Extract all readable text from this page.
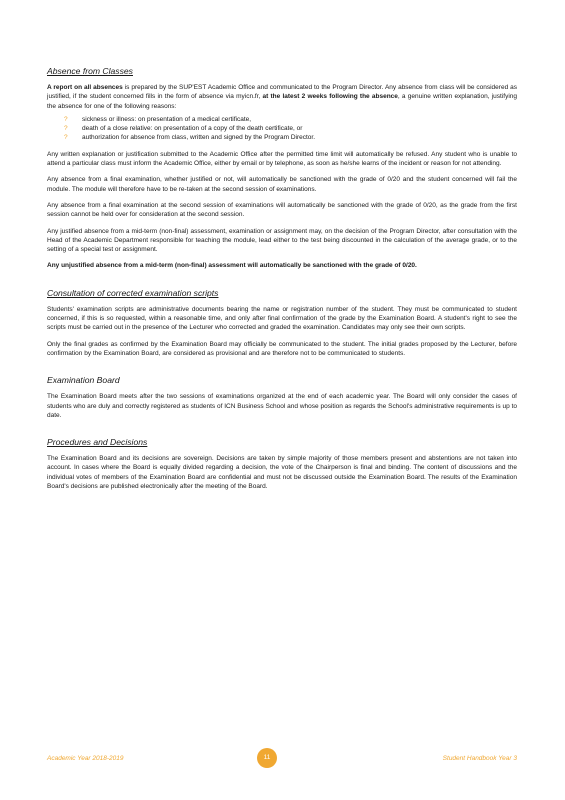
Absence from Classes

A report on all absences is prepared by the SUP'EST Academic Office and communicated to the Program Director. Any absence from class will be considered as justified, if the student concerned fills in the form of absence via myicn.fr, at the latest 2 weeks following the absence, a genuine written explanation, justifying the absence for one of the following reasons:

? sickness or illness: on presentation of a medical certificate,
? death of a close relative: on presentation of a copy of the death certificate, or
? authorization for absence from class, written and signed by the Program Director.

Any written explanation or justification submitted to the Academic Office after the permitted time limit will automatically be refused. Any student who is unable to attend a particular class must inform the Academic Office, either by email or by telephone, as soon as he/she learns of the incident or reason for not attending.

Any absence from a final examination, whether justified or not, will automatically be sanctioned with the grade of 0/20 and the student concerned will fail the module. The module will therefore have to be re-taken at the second session of examinations.

Any absence from a final examination at the second session of examinations will automatically be sanctioned with the grade of 0/20, as the grade from the first session cannot be held over for consideration at the second session.

Any justified absence from a mid-term (non-final) assessment, examination or assignment may, on the decision of the Program Director, after consultation with the Head of the Academic Department responsible for teaching the module, lead either to the test being discounted in the calculation of the average grade, or to the setting of a special test or assignment.

Any unjustified absence from a mid-term (non-final) assessment will automatically be sanctioned with the grade of 0/20.

Consultation of corrected examination scripts

Students' examination scripts are administrative documents bearing the name or registration number of the student. They must be communicated to student concerned, if this is so requested, within a reasonable time, and only after final confirmation of the grade by the Examination Board. A student's right to see the scripts must be carried out in the presence of the Lecturer who corrected and graded the examination. Candidates may only see their own scripts.

Only the final grades as confirmed by the Examination Board may officially be communicated to the student. The initial grades proposed by the Lecturer, before confirmation by the Examination Board, are considered as provisional and are therefore not to be communicated to students.

Examination Board

The Examination Board meets after the two sessions of examinations organized at the end of each academic year. The Board will only consider the cases of students who are duly and correctly registered as students of ICN Business School and whose position as regards the School's administrative requirements is up to date.

Procedures and Decisions

The Examination Board and its decisions are sovereign. Decisions are taken by simple majority of those members present and abstentions are not taken into account. In cases where the Board is equally divided regarding a decision, the vote of the Chairperson is final and binding. The content of discussions and the individual votes of members of the Examination Board are confidential and must not be discussed outside the Examination Board. The results of the Examination Board's decisions are published electronically after the meeting of the Board.

Academic Year 2018-2019	11	Student Handbook Year 3
